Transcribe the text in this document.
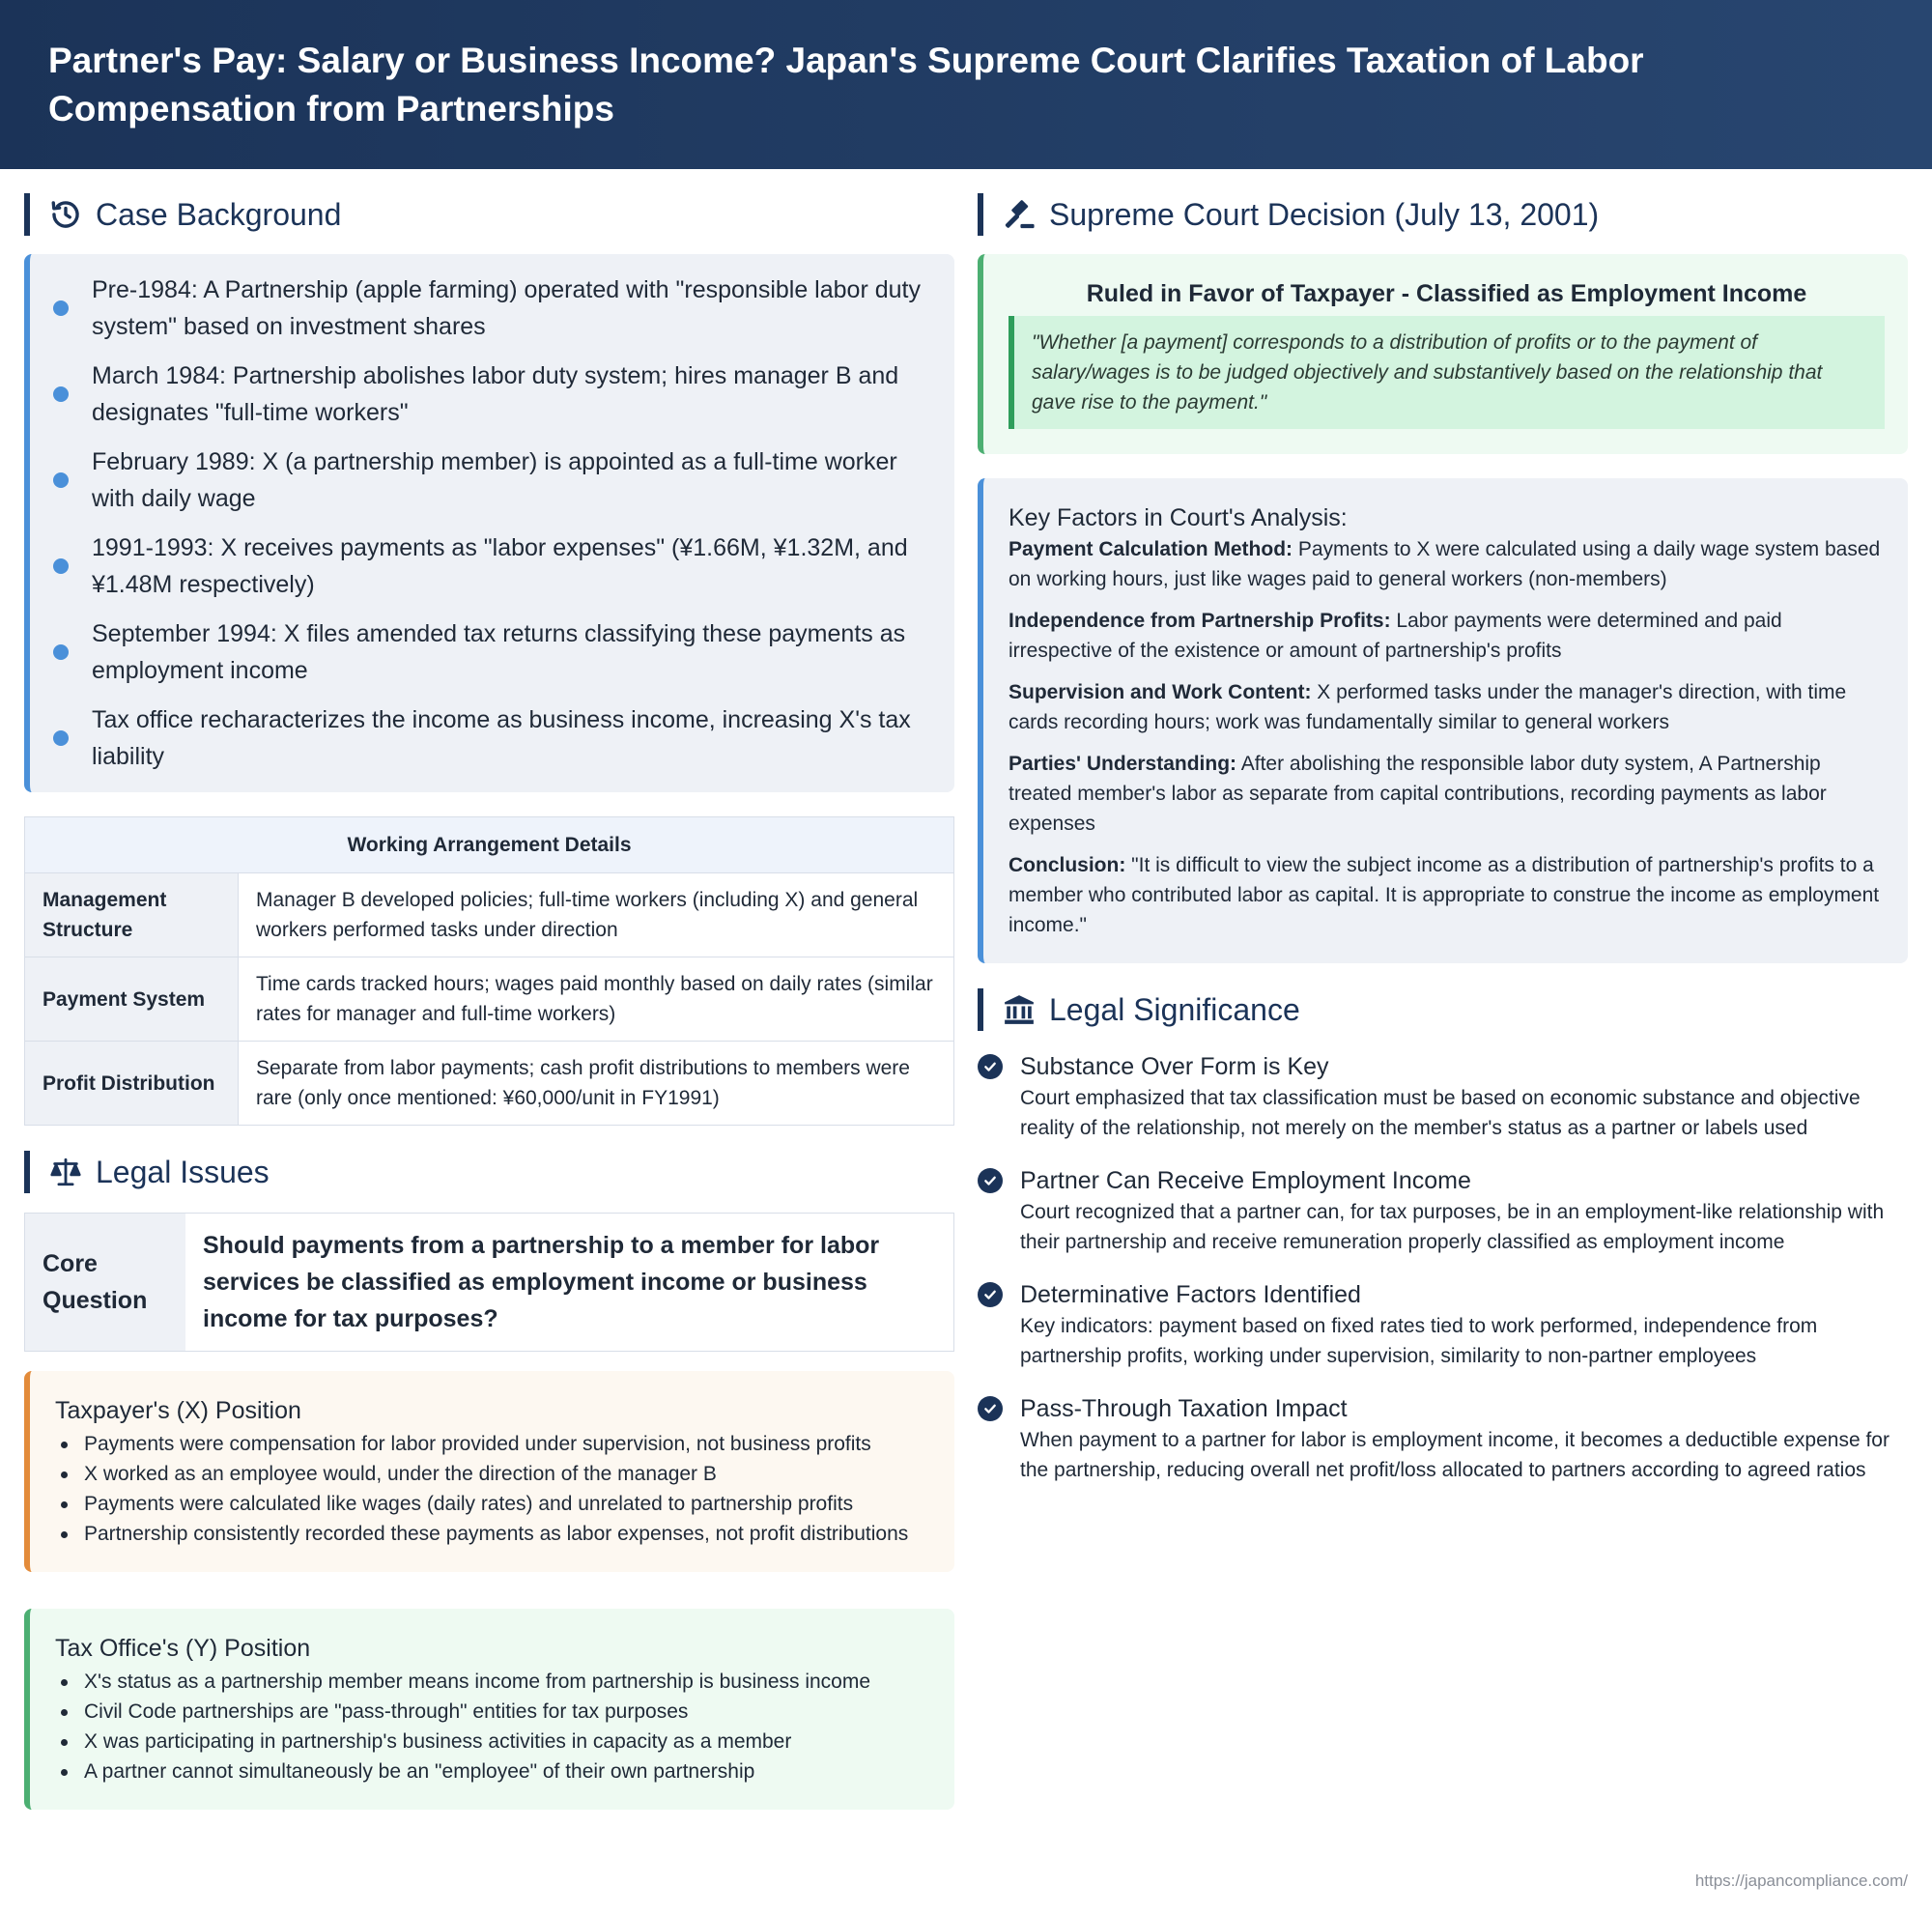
Partner's Pay: Salary or Business Income? Japan's Supreme Court Clarifies Taxation of Labor Compensation from Partnerships
Case Background
Pre-1984: A Partnership (apple farming) operated with "responsible labor duty system" based on investment shares
March 1984: Partnership abolishes labor duty system; hires manager B and designates "full-time workers"
February 1989: X (a partnership member) is appointed as a full-time worker with daily wage
1991-1993: X receives payments as "labor expenses" (¥1.66M, ¥1.32M, and ¥1.48M respectively)
September 1994: X files amended tax returns classifying these payments as employment income
Tax office recharacterizes the income as business income, increasing X's tax liability
Working Arrangement Details	
Management Structure	Manager B developed policies; full-time workers (including X) and general workers performed tasks under direction
Payment System	Time cards tracked hours; wages paid monthly based on daily rates (similar rates for manager and full-time workers)
Profit Distribution	Separate from labor payments; cash profit distributions to members were rare (only once mentioned: ¥60,000/unit in FY1991)
Legal Issues
Core Question
Should payments from a partnership to a member for labor services be classified as employment income or business income for tax purposes?
Taxpayer's (X) Position
Payments were compensation for labor provided under supervision, not business profits
X worked as an employee would, under the direction of the manager B
Payments were calculated like wages (daily rates) and unrelated to partnership profits
Partnership consistently recorded these payments as labor expenses, not profit distributions
Tax Office's (Y) Position
X's status as a partnership member means income from partnership is business income
Civil Code partnerships are "pass-through" entities for tax purposes
X was participating in partnership's business activities in capacity as a member
A partner cannot simultaneously be an "employee" of their own partnership
Supreme Court Decision (July 13, 2001)
Ruled in Favor of Taxpayer - Classified as Employment Income
"Whether [a payment] corresponds to a distribution of profits or to the payment of salary/wages is to be judged objectively and substantively based on the relationship that gave rise to the payment."
Key Factors in Court's Analysis:
Payment Calculation Method: Payments to X were calculated using a daily wage system based on working hours, just like wages paid to general workers (non-members)
Independence from Partnership Profits: Labor payments were determined and paid irrespective of the existence or amount of partnership's profits
Supervision and Work Content: X performed tasks under the manager's direction, with time cards recording hours; work was fundamentally similar to general workers
Parties' Understanding: After abolishing the responsible labor duty system, A Partnership treated member's labor as separate from capital contributions, recording payments as labor expenses
Conclusion: "It is difficult to view the subject income as a distribution of partnership's profits to a member who contributed labor as capital. It is appropriate to construe the income as employment income."
Legal Significance
Substance Over Form is Key
Court emphasized that tax classification must be based on economic substance and objective reality of the relationship, not merely on the member's status as a partner or labels used
Partner Can Receive Employment Income
Court recognized that a partner can, for tax purposes, be in an employment-like relationship with their partnership and receive remuneration properly classified as employment income
Determinative Factors Identified
Key indicators: payment based on fixed rates tied to work performed, independence from partnership profits, working under supervision, similarity to non-partner employees
Pass-Through Taxation Impact
When payment to a partner for labor is employment income, it becomes a deductible expense for the partnership, reducing overall net profit/loss allocated to partners according to agreed ratios
https://japancompliance.com/
